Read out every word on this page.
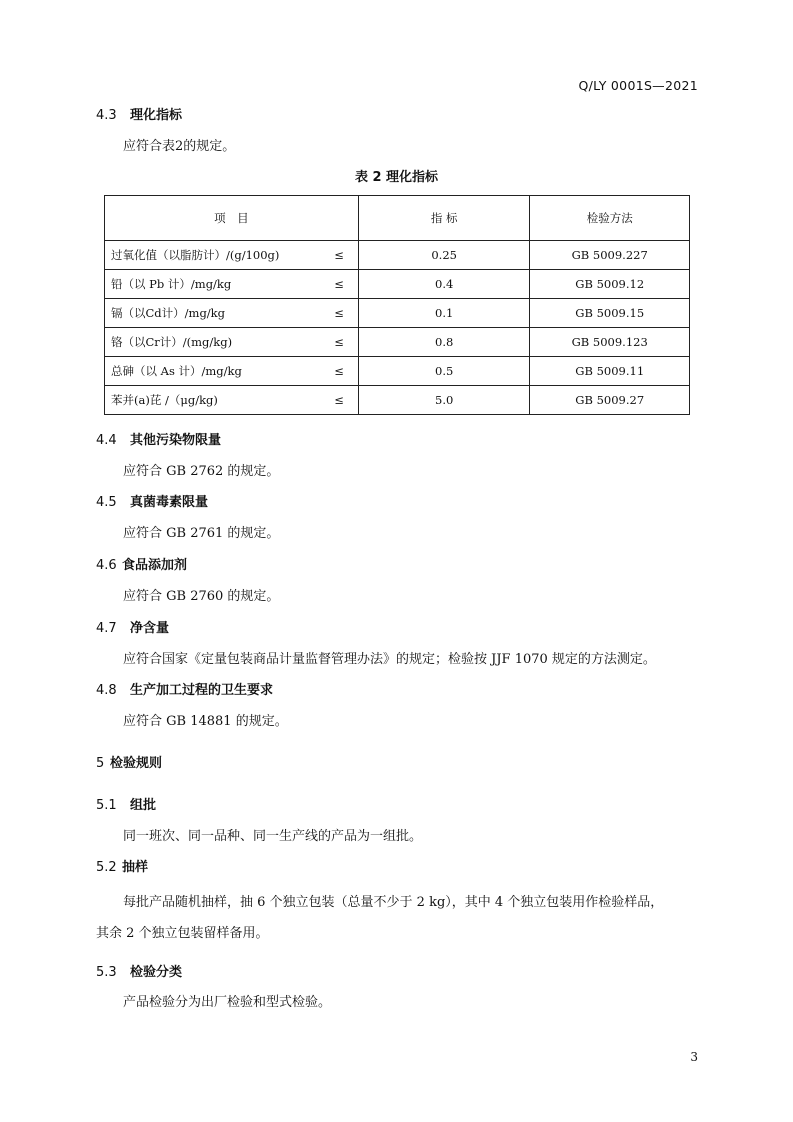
Q/LY 0001S—2021
4.3 理化指标
应符合表2的规定。
表 2 理化指标
项　目	指 标	检验方法

过氧化值（以脂肪计）/(g/100g) ≤	0.25	GB 5009.227

铅（以 Pb 计）/mg/kg ≤	0.4	GB 5009.12

镉（以Cd计）/mg/kg ≤	0.1	GB 5009.15

铬（以Cr计）/(mg/kg) ≤	0.8	GB 5009.123

总砷（以 As 计）/mg/kg ≤	0.5	GB 5009.11

苯并(a)芘 /（μg/kg) ≤	5.0	GB 5009.27
4.4 其他污染物限量
应符合 GB 2762 的规定。
4.5 真菌毒素限量
应符合 GB 2761 的规定。
4.6 食品添加剂
应符合 GB 2760 的规定。
4.7 净含量
应符合国家《定量包装商品计量监督管理办法》的规定；检验按 JJF 1070 规定的方法测定。
4.8 生产加工过程的卫生要求
应符合 GB 14881 的规定。
5 检验规则
5.1 组批
同一班次、同一品种、同一生产线的产品为一组批。
5.2 抽样
每批产品随机抽样，抽 6 个独立包装（总量不少于 2 kg），其中 4 个独立包装用作检验样品，
其余 2 个独立包装留样备用。
5.3 检验分类
产品检验分为出厂检验和型式检验。
3
